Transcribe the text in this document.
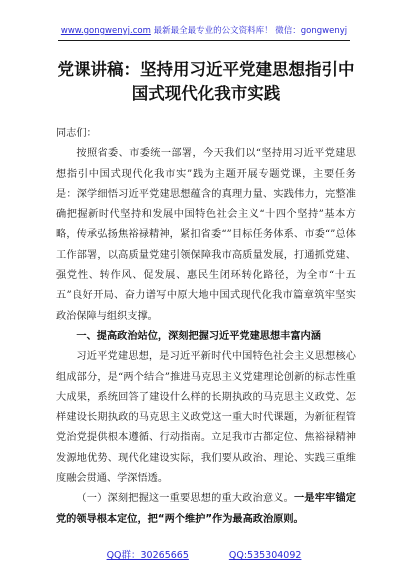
www.gongwenyj.com 最新最全最专业的公文资料库！ 微信：gongwenyj
党课讲稿：坚持用习近平党建思想指引中国式现代化我市实践

同志们：

按照省委、市委统一部署，今天我们以“坚持用习近平党建思想指引中国式现代化我市实”践为主题开展专题党课，主要任务是：深学细悟习近平党建思想蕴含的真理力量、实践伟力，完整准确把握新时代坚持和发展中国特色社会主义“十四个坚持”基本方略，传承弘扬焦裕禄精神，紧扣省委“”目标任务体系、市委“”总体工作部署，以高质量党建引领保障我市高质量发展，打通抓党建、强党性、转作风、促发展、惠民生闭环转化路径，为全市“十五五”良好开局、奋力谱写中原大地中国式现代化我市篇章筑牢坚实政治保障与组织支撑。

一、提高政治站位，深刻把握习近平党建思想丰富内涵

习近平党建思想，是习近平新时代中国特色社会主义思想核心组成部分，是“两个结合”推进马克思主义党建理论创新的标志性重大成果，系统回答了建设什么样的长期执政的马克思主义政党、怎样建设长期执政的马克思主义政党这一重大时代课题，为新征程管党治党提供根本遵循、行动指南。立足我市古都定位、焦裕禄精神发源地优势、现代化建设实际，我们要从政治、理论、实践三重维度融会贯通、学深悟透。

（一）深刻把握这一重要思想的重大政治意义。一是牢牢锚定党的领导根本定位，把“两个维护”作为最高政治原则。

QQ群：30265665	QQ:535304092
